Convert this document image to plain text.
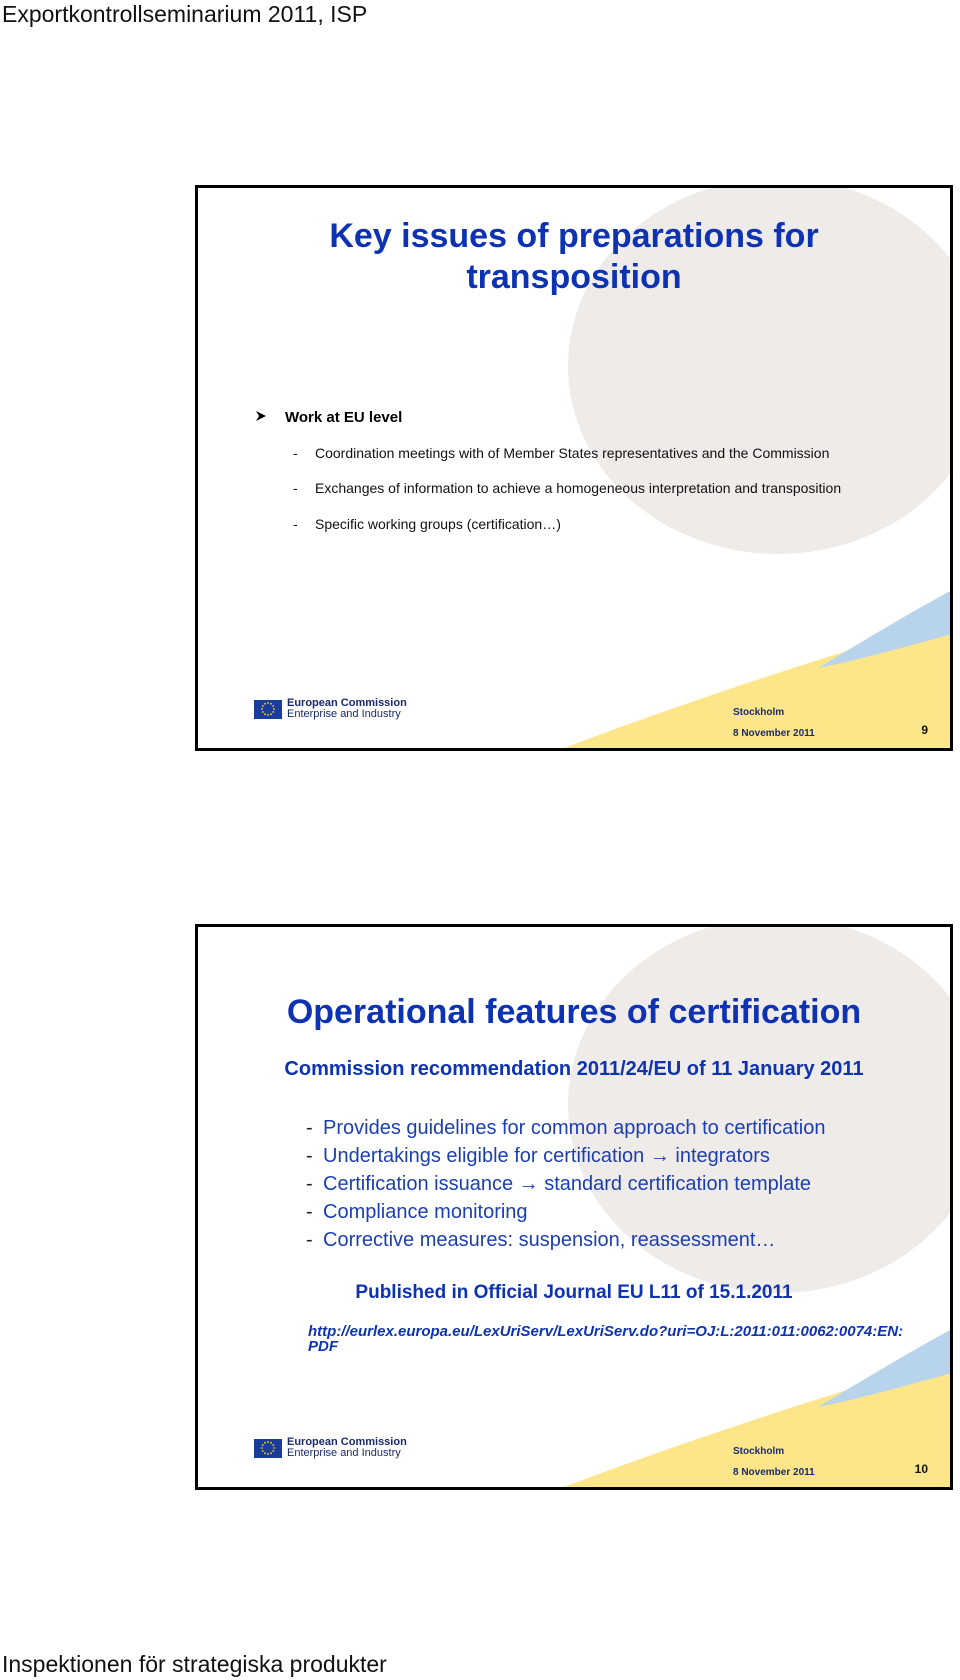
Exportkontrollseminarium 2011, ISP
Key issues of preparations for
transposition
Work at EU level
- Coordination meetings with of Member States representatives and the Commission
- Exchanges of information to achieve a homogeneous interpretation and transposition
- Specific working groups (certification…)
European Commission
Enterprise and Industry	Stockholm
8 November 2011	9
Operational features of certification
Commission recommendation 2011/24/EU of 11 January 2011
- Provides guidelines for common approach to certification
- Undertakings eligible for certification → integrators
- Certification issuance → standard certification template
- Compliance monitoring
- Corrective measures: suspension, reassessment…
Published in Official Journal EU L11 of 15.1.2011
http://eurlex.europa.eu/LexUriServ/LexUriServ.do?uri=OJ:L:2011:011:0062:0074:EN:PDF
European Commission
Enterprise and Industry	Stockholm
8 November 2011	10
Inspektionen för strategiska produkter
